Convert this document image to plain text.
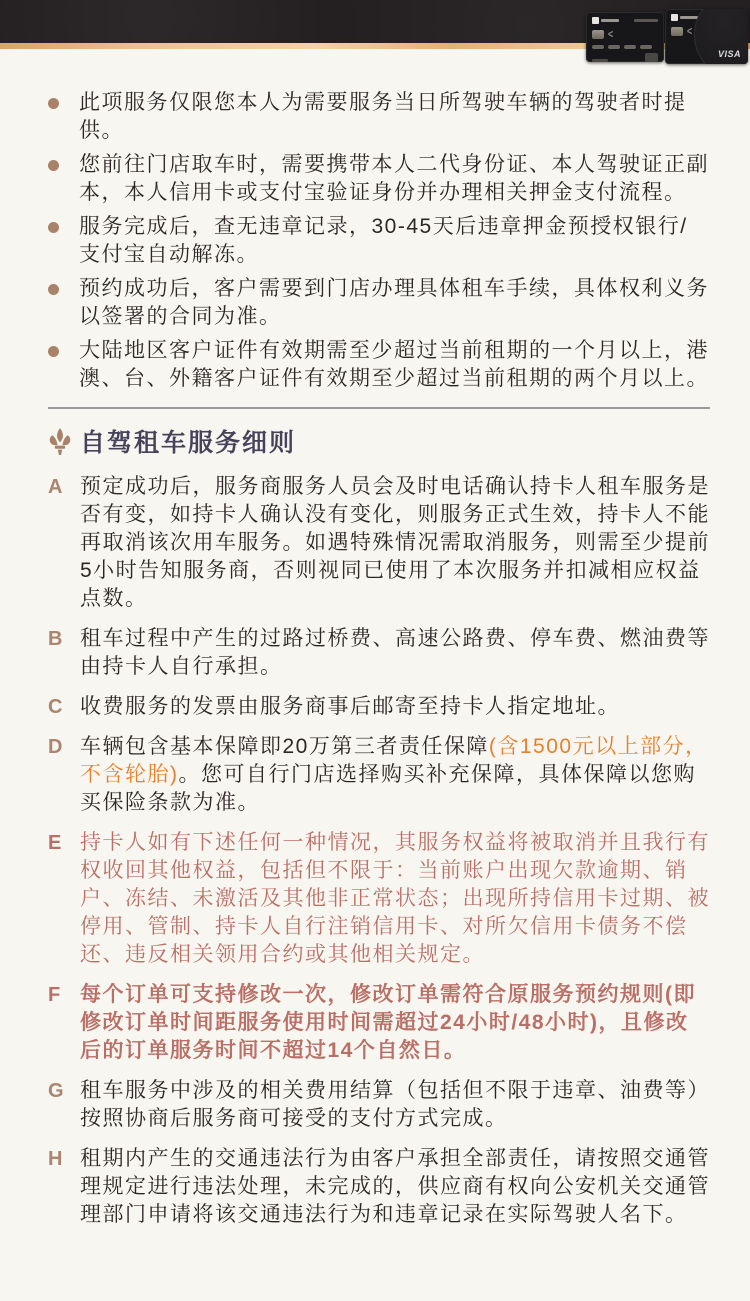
<	<
VISA

此项服务仅限您本人为需要服务当日所驾驶车辆的驾驶者时提供。

您前往门店取车时，需要携带本人二代身份证、本人驾驶证正副本，本人信用卡或支付宝验证身份并办理相关押金支付流程。

服务完成后，查无违章记录，30-45天后违章押金预授权银行/支付宝自动解冻。

预约成功后，客户需要到门店办理具体租车手续，具体权利义务以签署的合同为准。

大陆地区客户证件有效期需至少超过当前租期的一个月以上，港澳、台、外籍客户证件有效期至少超过当前租期的两个月以上。

自驾租车服务细则
A 预定成功后，服务商服务人员会及时电话确认持卡人租车服务是否有变，如持卡人确认没有变化，则服务正式生效，持卡人不能再取消该次用车服务。如遇特殊情况需取消服务，则需至少提前5小时告知服务商，否则视同已使用了本次服务并扣减相应权益点数。

B 租车过程中产生的过路过桥费、高速公路费、停车费、燃油费等由持卡人自行承担。

C 收费服务的发票由服务商事后邮寄至持卡人指定地址。

D 车辆包含基本保障即20万第三者责任保障(含1500元以上部分，不含轮胎)。您可自行门店选择购买补充保障，具体保障以您购买保险条款为准。

E 持卡人如有下述任何一种情况，其服务权益将被取消并且我行有权收回其他权益，包括但不限于：当前账户出现欠款逾期、销户、冻结、未激活及其他非正常状态；出现所持信用卡过期、被停用、管制、持卡人自行注销信用卡、对所欠信用卡债务不偿还、违反相关领用合约或其他相关规定。

F 每个订单可支持修改一次，修改订单需符合原服务预约规则(即修改订单时间距服务使用时间需超过24小时/48小时)，且修改后的订单服务时间不超过14个自然日。

G 租车服务中涉及的相关费用结算（包括但不限于违章、油费等）按照协商后服务商可接受的支付方式完成。

H 租期内产生的交通违法行为由客户承担全部责任，请按照交通管理规定进行违法处理，未完成的，供应商有权向公安机关交通管理部门申请将该交通违法行为和违章记录在实际驾驶人名下。
